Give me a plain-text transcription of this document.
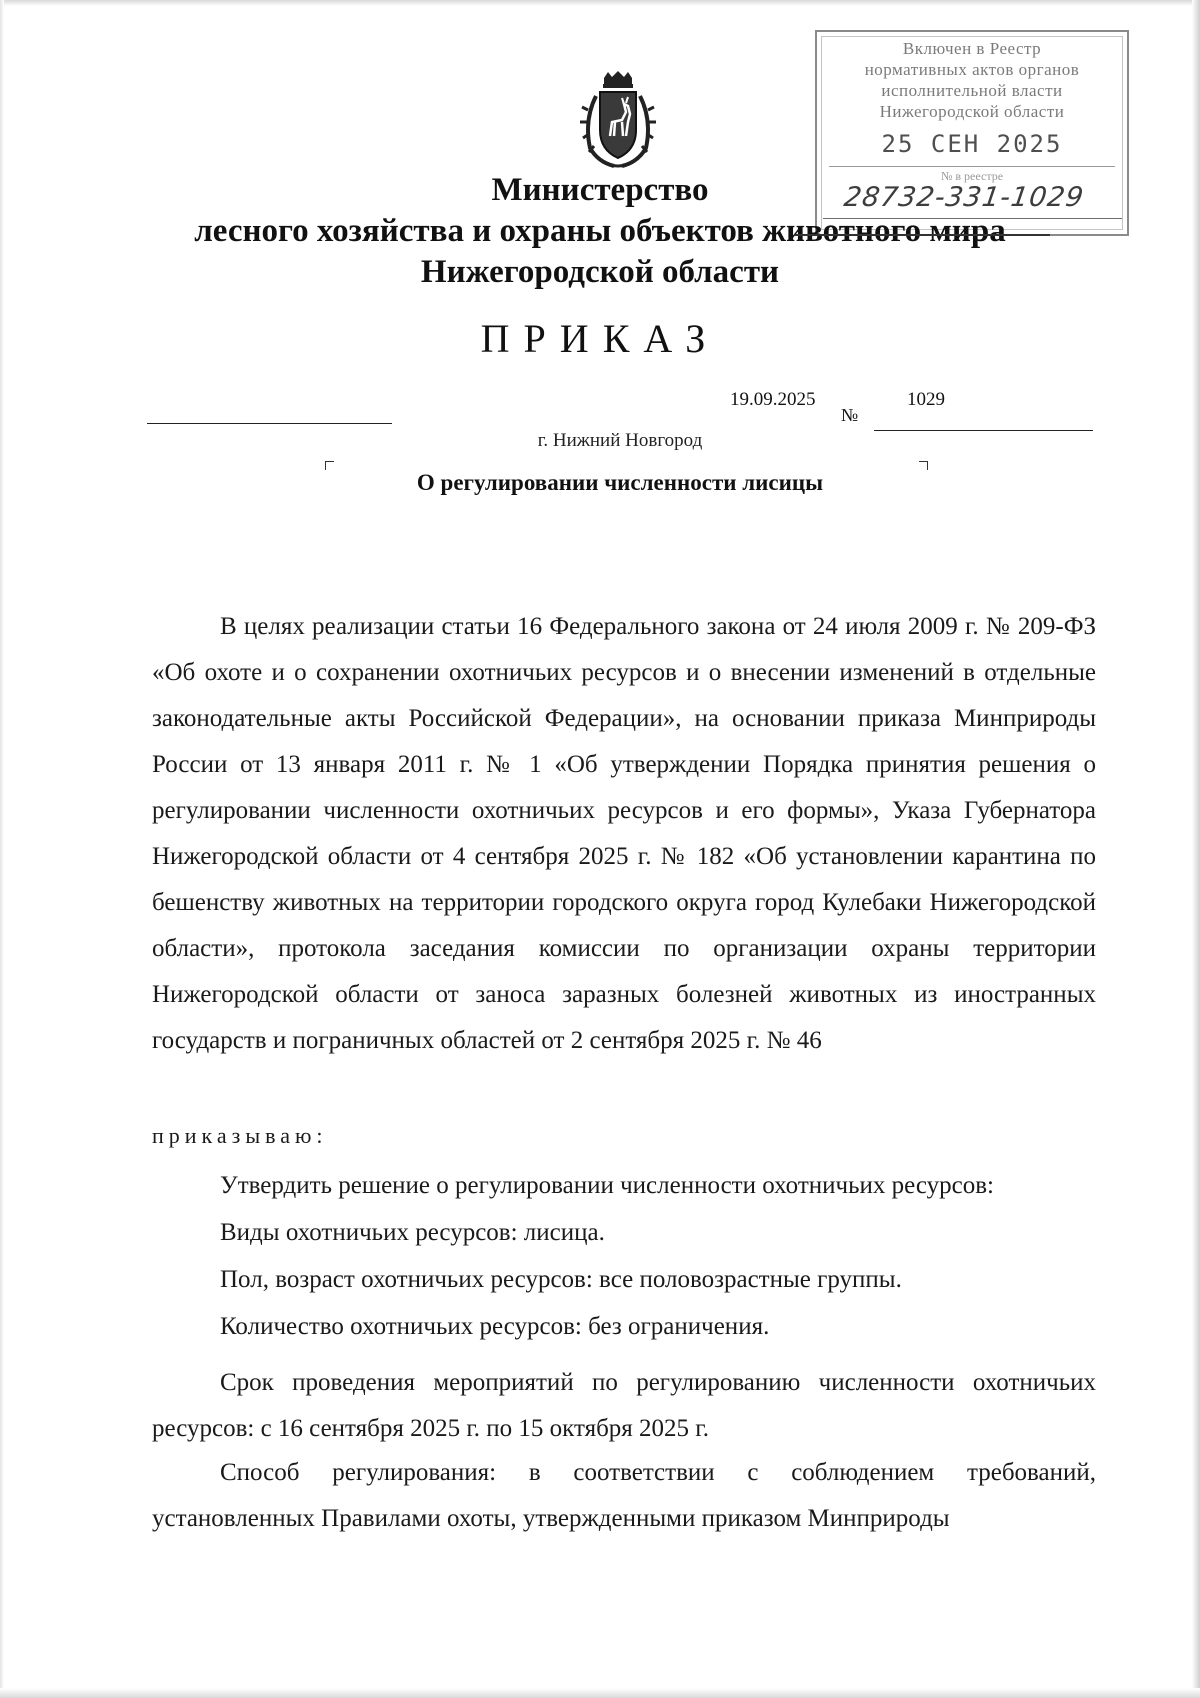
Включен в Реестр
нормативных актов органов
исполнительной власти
Нижегородской области
25 СЕН 2025
№ в реестре
28732-331-1029
Министерство
лесного хозяйства и охраны объектов животного мира
Нижегородской области
ПРИКАЗ
19.09.2025
№
1029
г. Нижний Новгород
О регулировании численности лисицы
В целях реализации статьи 16 Федерального закона от 24 июля 2009 г. № 209-ФЗ «Об охоте и о сохранении охотничьих ресурсов и о внесении изменений в отдельные законодательные акты Российской Федерации», на основании приказа Минприроды России от 13 января 2011 г. № 1 «Об утверждении Порядка принятия решения о регулировании численности охотничьих ресурсов и его формы», Указа Губернатора Нижегородской области от 4 сентября 2025 г. № 182 «Об установлении карантина по бешенству животных на территории городского округа город Кулебаки Нижегородской области», протокола заседания комиссии по организации охраны территории Нижегородской области от заноса заразных болезней животных из иностранных государств и пограничных областей от 2 сентября 2025 г. № 46
приказываю:
Утвердить решение о регулировании численности охотничьих ресурсов:
Виды охотничьих ресурсов: лисица.
Пол, возраст охотничьих ресурсов: все половозрастные группы.
Количество охотничьих ресурсов: без ограничения.
Срок проведения мероприятий по регулированию численности охотничьих ресурсов: с 16 сентября 2025 г. по 15 октября 2025 г.
Способ регулирования: в соответствии с соблюдением требований, установленных Правилами охоты, утвержденными приказом Минприроды
